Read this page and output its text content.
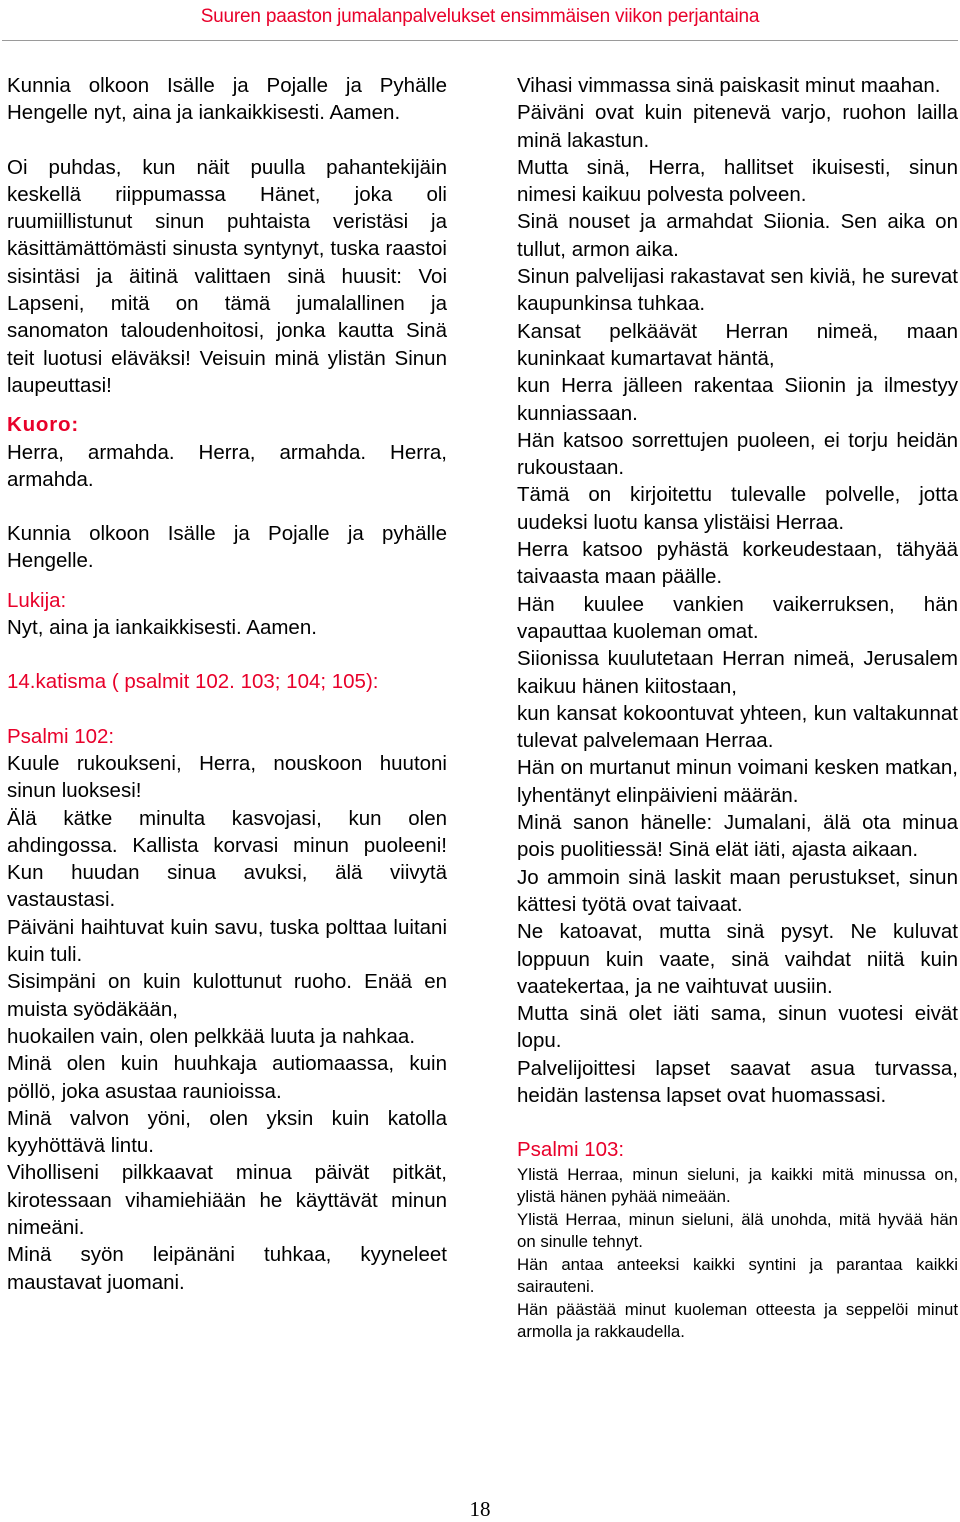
Suuren paaston jumalanpalvelukset ensimmäisen viikon perjantaina

Kunnia olkoon Isälle ja Pojalle ja Pyhälle Hengelle nyt, aina ja iankaikkisesti. Aamen.

Oi puhdas, kun näit puulla pahantekijäin keskellä riippumassa Hänet, joka oli ruumiillistunut sinun puhtaista veristäsi ja käsittämättömästi sinusta syntynyt, tuska raastoi sisintäsi ja äitinä valittaen sinä huusit: Voi Lapseni, mitä on tämä jumalallinen ja sanomaton taloudenhoitosi, jonka kautta Sinä teit luotusi eläväksi! Veisuin minä ylistän Sinun laupeuttasi!

Kuoro:

Herra, armahda. Herra, armahda. Herra, armahda.

Kunnia olkoon Isälle ja Pojalle ja pyhälle Hengelle.

Lukija:

Nyt, aina ja iankaikkisesti. Aamen.

14.katisma ( psalmit 102. 103; 104; 105):

Psalmi 102:

Kuule rukoukseni, Herra, nouskoon huutoni sinun luoksesi!

Älä kätke minulta kasvojasi, kun olen ahdingossa. Kallista korvasi minun puoleeni! Kun huudan sinua avuksi, älä viivytä vastaustasi.

Päiväni haihtuvat kuin savu, tuska polttaa luitani kuin tuli.

Sisimpäni on kuin kulottunut ruoho. Enää en muista syödäkään,

huokailen vain, olen pelkkää luuta ja nahkaa.

Minä olen kuin huuhkaja autiomaassa, kuin pöllö, joka asustaa raunioissa.

Minä valvon yöni, olen yksin kuin katolla kyyhöttävä lintu.

Viholliseni pilkkaavat minua päivät pitkät, kirotessaan vihamiehiään he käyttävät minun nimeäni.

Minä syön leipänäni tuhkaa, kyyneleet maustavat juomani.

Vihasi vimmassa sinä paiskasit minut maahan.

Päiväni ovat kuin pitenevä varjo, ruohon lailla minä lakastun.

Mutta sinä, Herra, hallitset ikuisesti, sinun nimesi kaikuu polvesta polveen.

Sinä nouset ja armahdat Siionia. Sen aika on tullut, armon aika.

Sinun palvelijasi rakastavat sen kiviä, he surevat kaupunkinsa tuhkaa.

Kansat pelkäävät Herran nimeä, maan kuninkaat kumartavat häntä,

kun Herra jälleen rakentaa Siionin ja ilmestyy kunniassaan.

Hän katsoo sorrettujen puoleen, ei torju heidän rukoustaan.

Tämä on kirjoitettu tulevalle polvelle, jotta uudeksi luotu kansa ylistäisi Herraa.

Herra katsoo pyhästä korkeudestaan, tähyää taivaasta maan päälle.

Hän kuulee vankien vaikerruksen, hän vapauttaa kuoleman omat.

Siionissa kuulutetaan Herran nimeä, Jerusalem kaikuu hänen kiitostaan,

kun kansat kokoontuvat yhteen, kun valtakunnat tulevat palvelemaan Herraa.

Hän on murtanut minun voimani kesken matkan, lyhentänyt elinpäivieni määrän.

Minä sanon hänelle: Jumalani, älä ota minua pois puolitiessä! Sinä elät iäti, ajasta aikaan.

Jo ammoin sinä laskit maan perustukset, sinun kättesi työtä ovat taivaat.

Ne katoavat, mutta sinä pysyt. Ne kuluvat loppuun kuin vaate, sinä vaihdat niitä kuin vaatekertaa, ja ne vaihtuvat uusiin.

Mutta sinä olet iäti sama, sinun vuotesi eivät lopu.

Palvelijoittesi lapset saavat asua turvassa, heidän lastensa lapset ovat huomassasi.

Psalmi 103:

Ylistä Herraa, minun sieluni, ja kaikki mitä minussa on, ylistä hänen pyhää nimeään.

Ylistä Herraa, minun sieluni, älä unohda, mitä hyvää hän on sinulle tehnyt.

Hän antaa anteeksi kaikki syntini ja parantaa kaikki sairauteni.

Hän päästää minut kuoleman otteesta ja seppelöi minut armolla ja rakkaudella.

18
